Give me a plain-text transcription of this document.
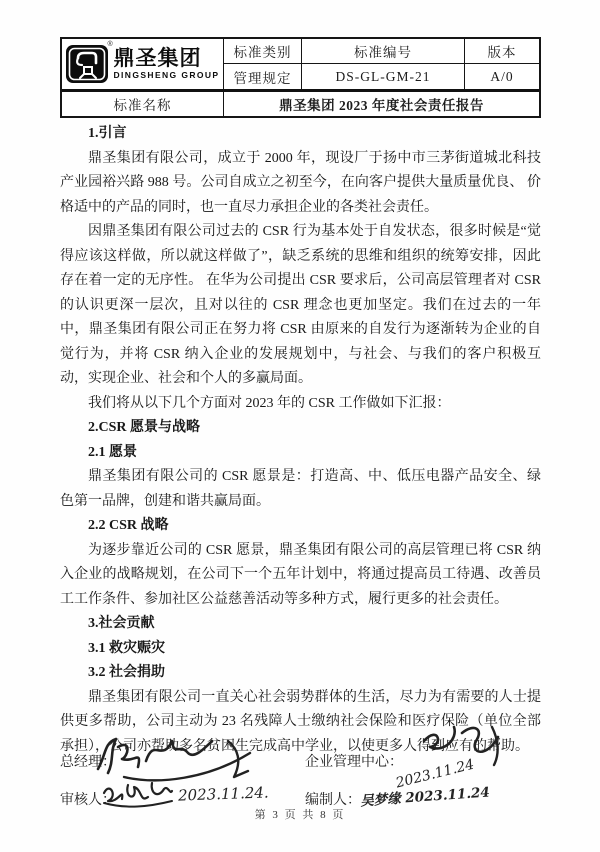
®
鼎圣集团
DINGSHENG GROUP
标准类别	标准编号	版本
管理规定	DS-GL-GM-21	A/0
标准名称	鼎圣集团 2023 年度社会责任报告

1.引言

鼎圣集团有限公司，成立于 2000 年，现设厂于扬中市三茅街道城北科技产业园裕兴路 988 号。公司自成立之初至今，在向客户提供大量质量优良、 价格适中的产品的同时，也一直尽力承担企业的各类社会责任。

因鼎圣集团有限公司过去的 CSR 行为基本处于自发状态，很多时候是“觉得应该这样做，所以就这样做了”，缺乏系统的思维和组织的统筹安排，因此存在着一定的无序性。 在华为公司提出 CSR 要求后，公司高层管理者对 CSR 的认识更深一层次，且对以往的 CSR 理念也更加坚定。我们在过去的一年中，鼎圣集团有限公司正在努力将 CSR 由原来的自发行为逐渐转为企业的自觉行为，并将 CSR 纳入企业的发展规划中，与社会、与我们的客户积极互动，实现企业、社会和个人的多赢局面。

我们将从以下几个方面对 2023 年的 CSR 工作做如下汇报：

2.CSR 愿景与战略

2.1 愿景

鼎圣集团有限公司的 CSR 愿景是：打造高、中、低压电器产品安全、绿色第一品牌，创建和谐共赢局面。

2.2 CSR 战略

为逐步靠近公司的 CSR 愿景，鼎圣集团有限公司的高层管理已将 CSR 纳入企业的战略规划，在公司下一个五年计划中，将通过提高员工待遇、改善员工工作条件、参加社区公益慈善活动等多种方式，履行更多的社会责任。

3.社会贡献

3.1 救灾赈灾

3.2 社会捐助

鼎圣集团有限公司一直关心社会弱势群体的生活，尽力为有需要的人士提供更多帮助，公司主动为 23 名残障人士缴纳社会保险和医疗保险（单位全部承担），公司亦帮助多名贫困生完成高中学业，以使更多人得到应有的帮助。

总经理：	企业管理中心：
2023.11.24
审核人：	2023.11.24.	编制人：
吴梦缘 2023.11.24
第 3 页 共 8 页
